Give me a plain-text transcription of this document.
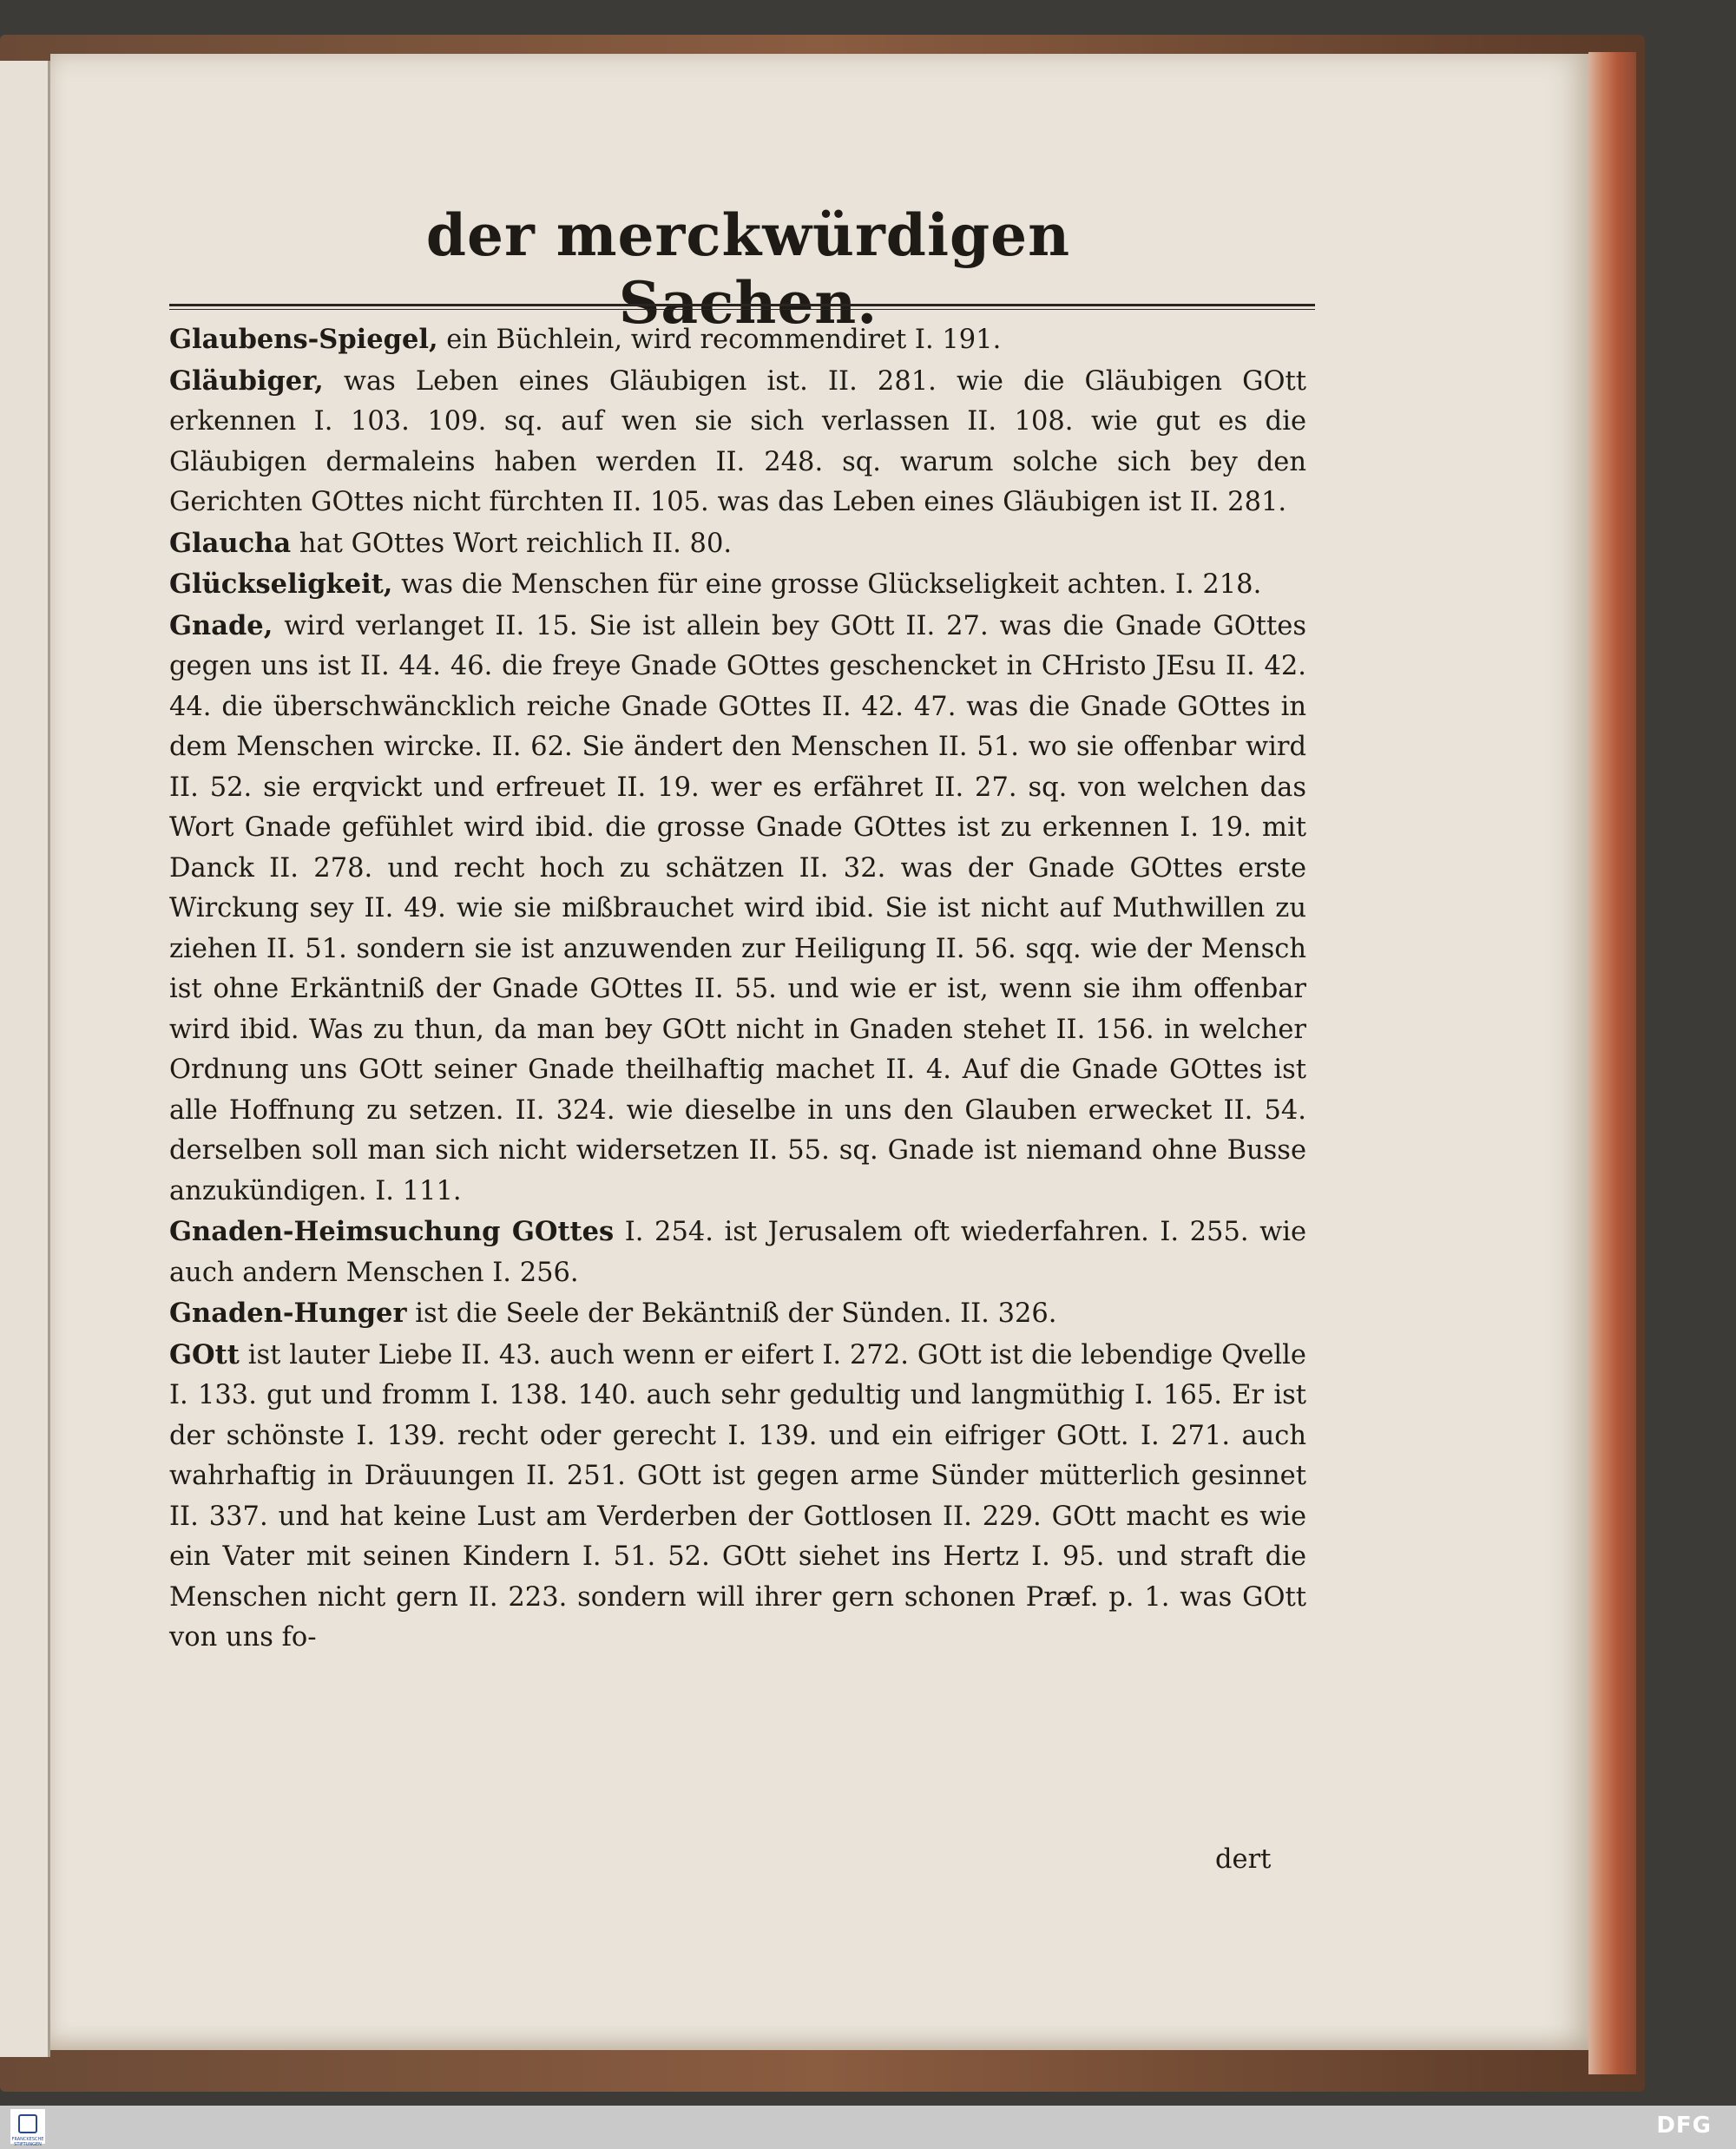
der merckwürdigen Sachen.

Glaubens-Spiegel, ein Büchlein, wird recommendiret I. 191.

Gläubiger, was Leben eines Gläubigen ist. II. 281. wie die Gläubigen GOtt erkennen I. 103. 109. sq. auf wen sie sich verlassen II. 108. wie gut es die Gläubigen dermaleins haben werden II. 248. sq. warum solche sich bey den Gerichten GOttes nicht fürchten II. 105. was das Leben eines Gläubigen ist II. 281.

Glaucha hat GOttes Wort reichlich II. 80.

Glückseligkeit, was die Menschen für eine grosse Glückseligkeit achten. I. 218.

Gnade, wird verlanget II. 15. Sie ist allein bey GOtt II. 27. was die Gnade GOttes gegen uns ist II. 44. 46. die freye Gnade GOttes geschencket in CHristo JEsu II. 42. 44. die überschwäncklich reiche Gnade GOttes II. 42. 47. was die Gnade GOttes in dem Menschen wircke. II. 62. Sie ändert den Menschen II. 51. wo sie offenbar wird II. 52. sie erqvickt und erfreuet II. 19. wer es erfähret II. 27. sq. von welchen das Wort Gnade gefühlet wird ibid. die grosse Gnade GOttes ist zu erkennen I. 19. mit Danck II. 278. und recht hoch zu schätzen II. 32. was der Gnade GOttes erste Wirckung sey II. 49. wie sie mißbrauchet wird ibid. Sie ist nicht auf Muthwillen zu ziehen II. 51. sondern sie ist anzuwenden zur Heiligung II. 56. sqq. wie der Mensch ist ohne Erkäntniß der Gnade GOttes II. 55. und wie er ist, wenn sie ihm offenbar wird ibid. Was zu thun, da man bey GOtt nicht in Gnaden stehet II. 156. in welcher Ordnung uns GOtt seiner Gnade theilhaftig machet II. 4. Auf die Gnade GOttes ist alle Hoffnung zu setzen. II. 324. wie dieselbe in uns den Glauben erwecket II. 54. derselben soll man sich nicht widersetzen II. 55. sq. Gnade ist niemand ohne Busse anzukündigen. I. 111.

Gnaden-Heimsuchung GOttes I. 254. ist Jerusalem oft wiederfahren. I. 255. wie auch andern Menschen I. 256.

Gnaden-Hunger ist die Seele der Bekäntniß der Sünden. II. 326.

GOtt ist lauter Liebe II. 43. auch wenn er eifert I. 272. GOtt ist die lebendige Qvelle I. 133. gut und fromm I. 138. 140. auch sehr gedultig und langmüthig I. 165. Er ist der schönste I. 139. recht oder gerecht I. 139. und ein eifriger GOtt. I. 271. auch wahrhaftig in Dräuungen II. 251. GOtt ist gegen arme Sünder mütterlich gesinnet II. 337. und hat keine Lust am Verderben der Gottlosen II. 229. GOtt macht es wie ein Vater mit seinen Kindern I. 51. 52. GOtt siehet ins Hertz I. 95. und straft die Menschen nicht gern II. 223. sondern will ihrer gern schonen Præf. p. 1. was GOtt von uns fo-

dert
FRANCKESCHE STIFTUNGEN
DFG
